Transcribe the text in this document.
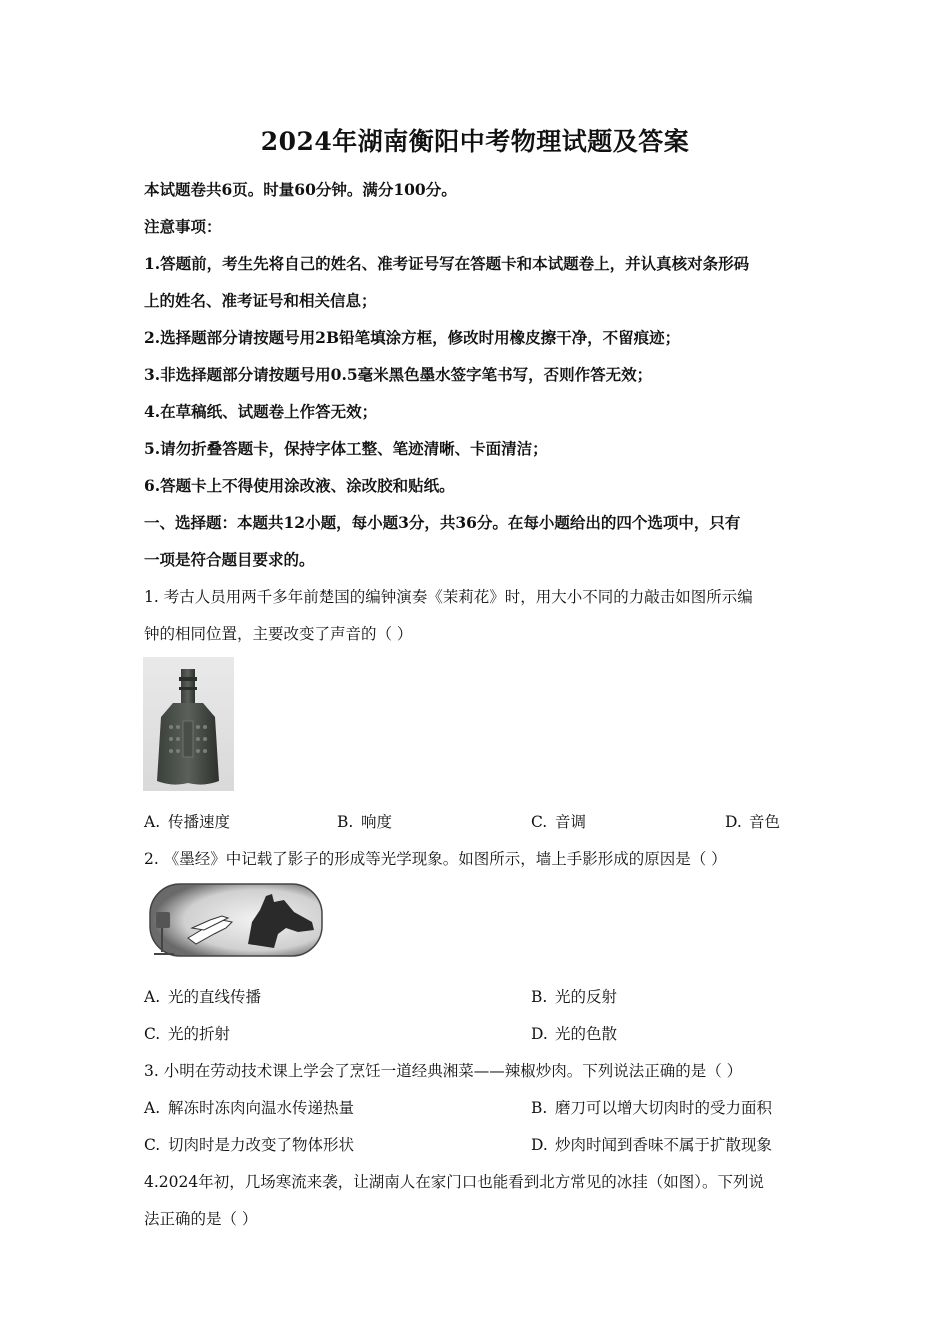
2024年湖南衡阳中考物理试题及答案
本试题卷共6页。时量60分钟。满分100分。
注意事项：
1.答题前，考生先将自己的姓名、准考证号写在答题卡和本试题卷上，并认真核对条形码
上的姓名、准考证号和相关信息；
2.选择题部分请按题号用2B铅笔填涂方框，修改时用橡皮擦干净，不留痕迹；
3.非选择题部分请按题号用0.5毫米黑色墨水签字笔书写，否则作答无效；
4.在草稿纸、试题卷上作答无效；
5.请勿折叠答题卡，保持字体工整、笔迹清晰、卡面清洁；
6.答题卡上不得使用涂改液、涂改胶和贴纸。
一、选择题：本题共12小题，每小题3分，共36分。在每小题给出的四个选项中，只有
一项是符合题目要求的。
1. 考古人员用两千多年前楚国的编钟演奏《茉莉花》时，用大小不同的力敲击如图所示编
钟的相同位置，主要改变了声音的（ ）
A. 传播速度	B. 响度	C. 音调	D. 音色
2. 《墨经》中记载了影子的形成等光学现象。如图所示，墙上手影形成的原因是（ ）
A. 光的直线传播	B. 光的反射
C. 光的折射	D. 光的色散
3. 小明在劳动技术课上学会了烹饪一道经典湘菜——辣椒炒肉。下列说法正确的是（ ）
A. 解冻时冻肉向温水传递热量	B. 磨刀可以增大切肉时的受力面积
C. 切肉时是力改变了物体形状	D. 炒肉时闻到香味不属于扩散现象
4.2024年初，几场寒流来袭，让湖南人在家门口也能看到北方常见的冰挂（如图）。下列说
法正确的是（ ）
